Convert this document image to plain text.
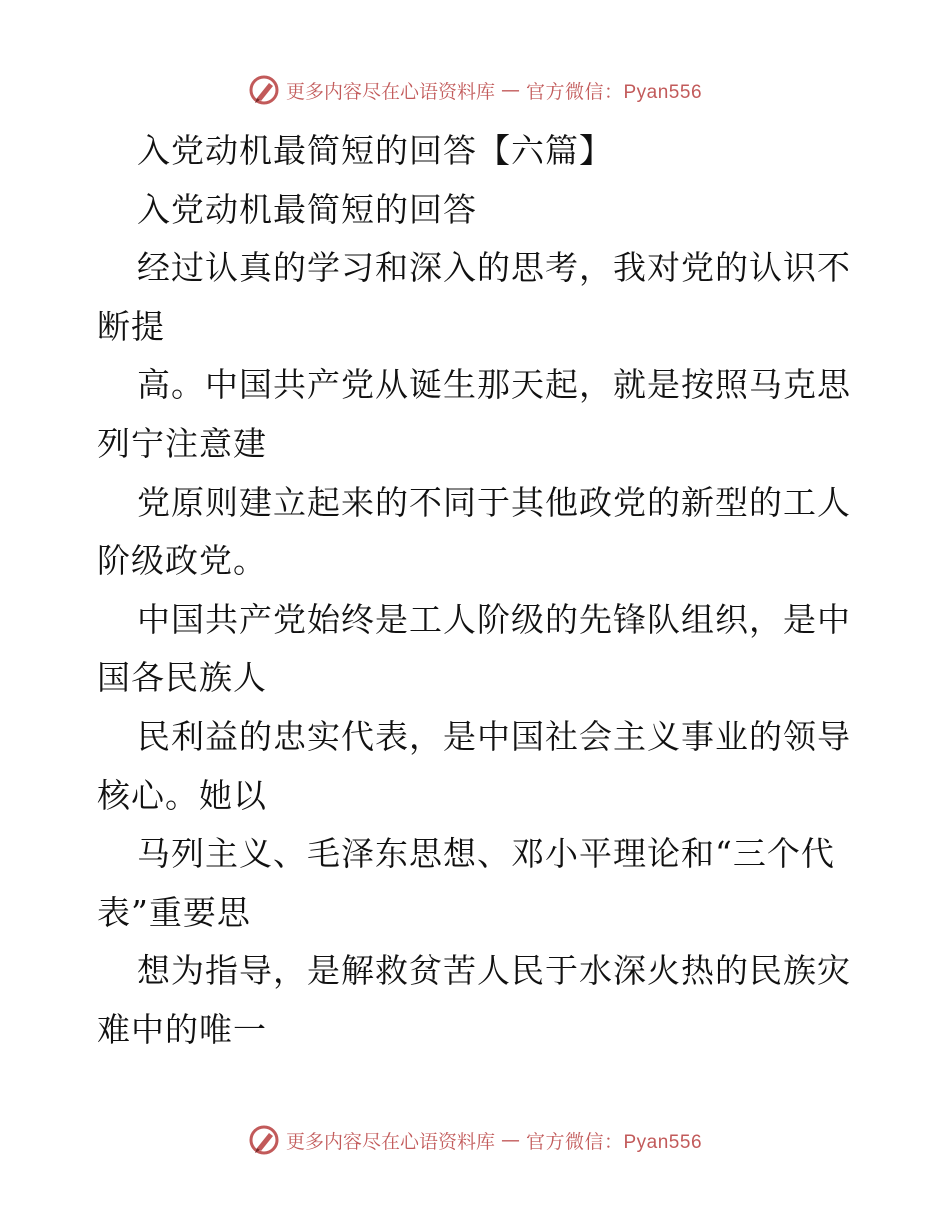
更多内容尽在心语资料库 — 官方微信：Pyan556
入党动机最简短的回答【六篇】
入党动机最简短的回答
经过认真的学习和深入的思考，我对党的认识不
断提
高。中国共产党从诞生那天起，就是按照马克思
列宁注意建
党原则建立起来的不同于其他政党的新型的工人
阶级政党。
中国共产党始终是工人阶级的先锋队组织，是中
国各民族人
民利益的忠实代表，是中国社会主义事业的领导
核心。她以
马列主义、毛泽东思想、邓小平理论和“三个代
表”重要思
想为指导，是解救贫苦人民于水深火热的民族灾
难中的唯一
更多内容尽在心语资料库 — 官方微信：Pyan556
